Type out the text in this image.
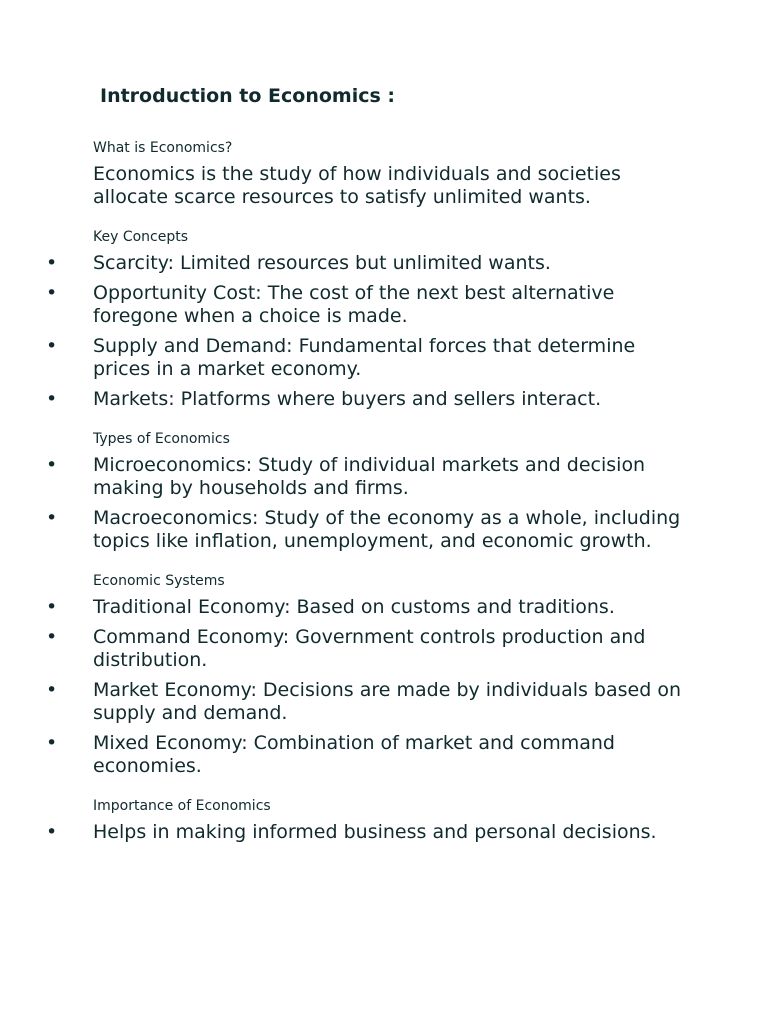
Introduction to Economics :

What is Economics?

Economics is the study of how individuals and societies allocate scarce resources to satisfy unlimited wants.

Key Concepts

• Scarcity: Limited resources but unlimited wants.
• Opportunity Cost: The cost of the next best alternative foregone when a choice is made.
• Supply and Demand: Fundamental forces that determine prices in a market economy.
• Markets: Platforms where buyers and sellers interact.

Types of Economics

• Microeconomics: Study of individual markets and decision making by households and firms.
• Macroeconomics: Study of the economy as a whole, including topics like inflation, unemployment, and economic growth.

Economic Systems

• Traditional Economy: Based on customs and traditions.
• Command Economy: Government controls production and distribution.
• Market Economy: Decisions are made by individuals based on supply and demand.
• Mixed Economy: Combination of market and command economies.

Importance of Economics

• Helps in making informed business and personal decisions.
